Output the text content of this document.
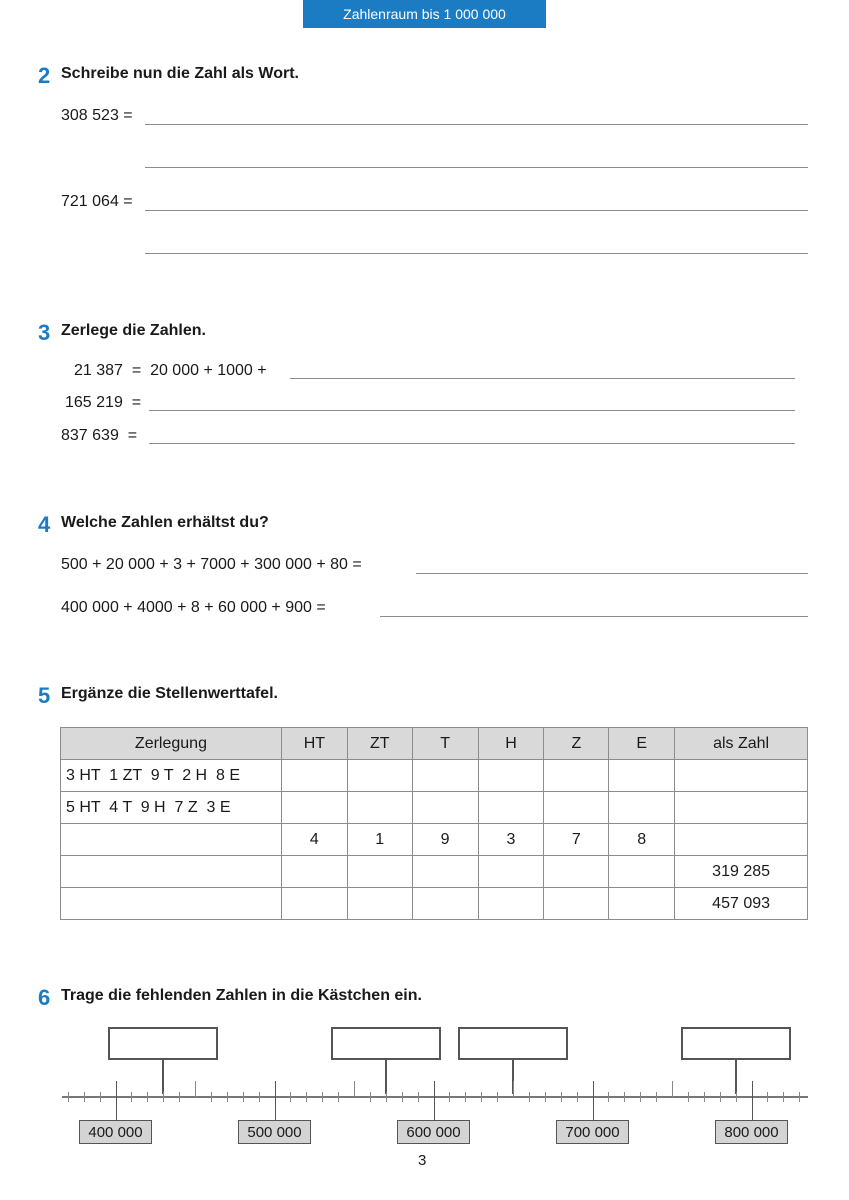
Zahlenraum bis 1 000 000
2 Schreibe nun die Zahl als Wort.
308 523 =
721 064 =
3 Zerlege die Zahlen.
21 387  =  20 000 + 1000 +
165 219  =
837 639  =
4 Welche Zahlen erhältst du?
500 + 20 000 + 3 + 7000 + 300 000 + 80 =
400 000 + 4000 + 8 + 60 000 + 900 =
5 Ergänze die Stellenwerttafel.
Zerlegung	HT	ZT	T	H	Z	E	als Zahl
3 HT  1 ZT  9 T  2 H  8 E							
5 HT  4 T  9 H  7 Z  3 E							
	4	1	9	3	7	8	
							319 285
							457 093
6 Trage die fehlenden Zahlen in die Kästchen ein.
400 000	500 000	600 000	700 000	800 000
3
